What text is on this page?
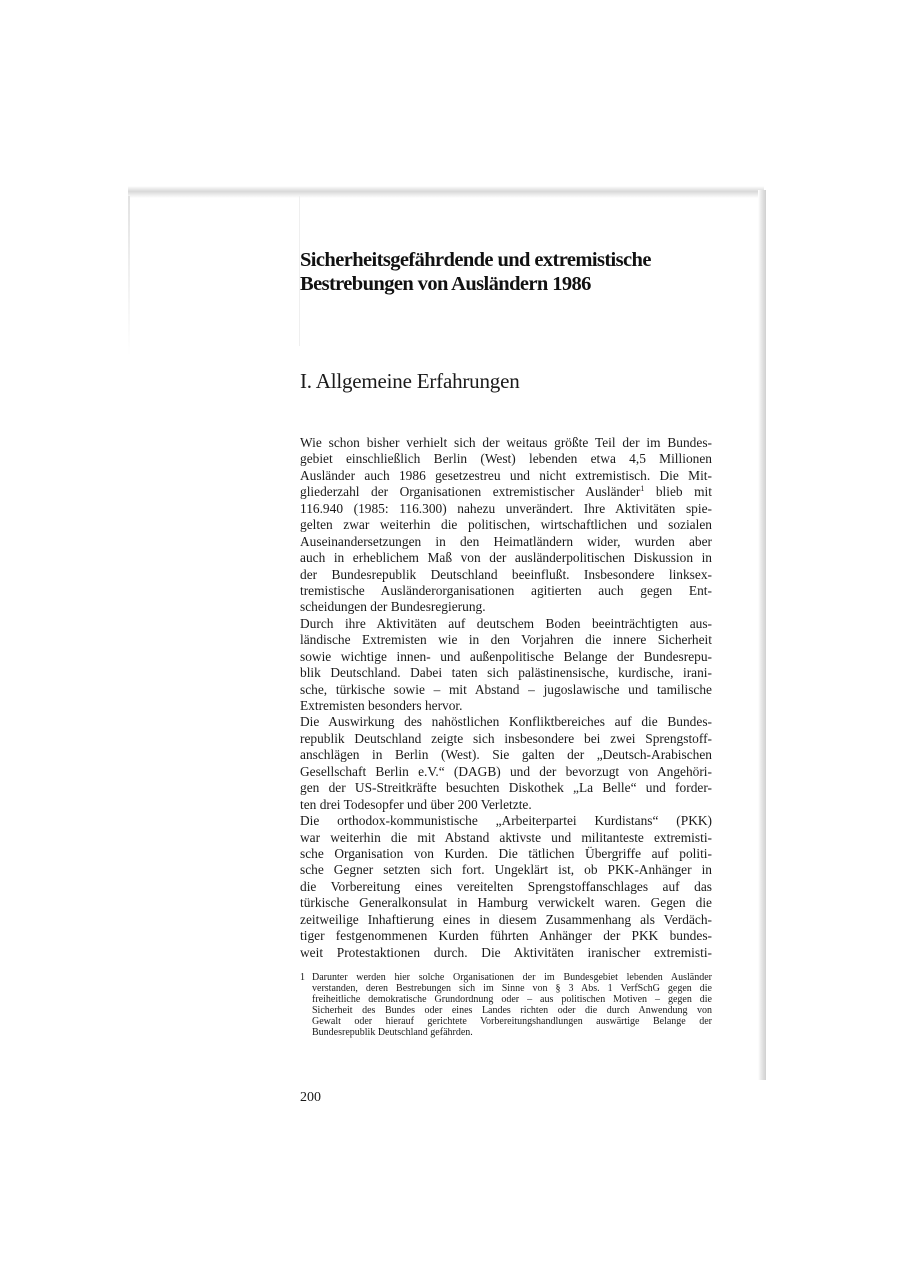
Sicherheitsgefährdende und extremistische
Bestrebungen von Ausländern 1986
I. Allgemeine Erfahrungen
Wie schon bisher verhielt sich der weitaus größte Teil der im Bundes-
gebiet einschließlich Berlin (West) lebenden etwa 4,5 Millionen
Ausländer auch 1986 gesetzestreu und nicht extremistisch. Die Mit-
gliederzahl der Organisationen extremistischer Ausländer$^1$ blieb mit
116.940 (1985: 116.300) nahezu unverändert. Ihre Aktivitäten spie-
gelten zwar weiterhin die politischen, wirtschaftlichen und sozialen
Auseinandersetzungen in den Heimatländern wider, wurden aber
auch in erheblichem Maß von der ausländerpolitischen Diskussion in
der Bundesrepublik Deutschland beeinflußt. Insbesondere linksex-
tremistische Ausländerorganisationen agitierten auch gegen Ent-
scheidungen der Bundesregierung.
Durch ihre Aktivitäten auf deutschem Boden beeinträchtigten aus-
ländische Extremisten wie in den Vorjahren die innere Sicherheit
sowie wichtige innen- und außenpolitische Belange der Bundesrepu-
blik Deutschland. Dabei taten sich palästinensische, kurdische, irani-
sche, türkische sowie – mit Abstand – jugoslawische und tamilische
Extremisten besonders hervor.
Die Auswirkung des nahöstlichen Konfliktbereiches auf die Bundes-
republik Deutschland zeigte sich insbesondere bei zwei Sprengstoff-
anschlägen in Berlin (West). Sie galten der „Deutsch-Arabischen
Gesellschaft Berlin e.V.“ (DAGB) und der bevorzugt von Angehöri-
gen der US-Streitkräfte besuchten Diskothek „La Belle“ und forder-
ten drei Todesopfer und über 200 Verletzte.
Die orthodox-kommunistische „Arbeiterpartei Kurdistans“ (PKK)
war weiterhin die mit Abstand aktivste und militanteste extremisti-
sche Organisation von Kurden. Die tätlichen Übergriffe auf politi-
sche Gegner setzten sich fort. Ungeklärt ist, ob PKK-Anhänger in
die Vorbereitung eines vereitelten Sprengstoffanschlages auf das
türkische Generalkonsulat in Hamburg verwickelt waren. Gegen die
zeitweilige Inhaftierung eines in diesem Zusammenhang als Verdäch-
tiger festgenommenen Kurden führten Anhänger der PKK bundes-
weit Protestaktionen durch. Die Aktivitäten iranischer extremisti-
1 Darunter werden hier solche Organisationen der im Bundesgebiet lebenden Ausländer
verstanden, deren Bestrebungen sich im Sinne von § 3 Abs. 1 VerfSchG gegen die
freiheitliche demokratische Grundordnung oder – aus politischen Motiven – gegen die
Sicherheit des Bundes oder eines Landes richten oder die durch Anwendung von
Gewalt oder hierauf gerichtete Vorbereitungshandlungen auswärtige Belange der
Bundesrepublik Deutschland gefährden.
200
